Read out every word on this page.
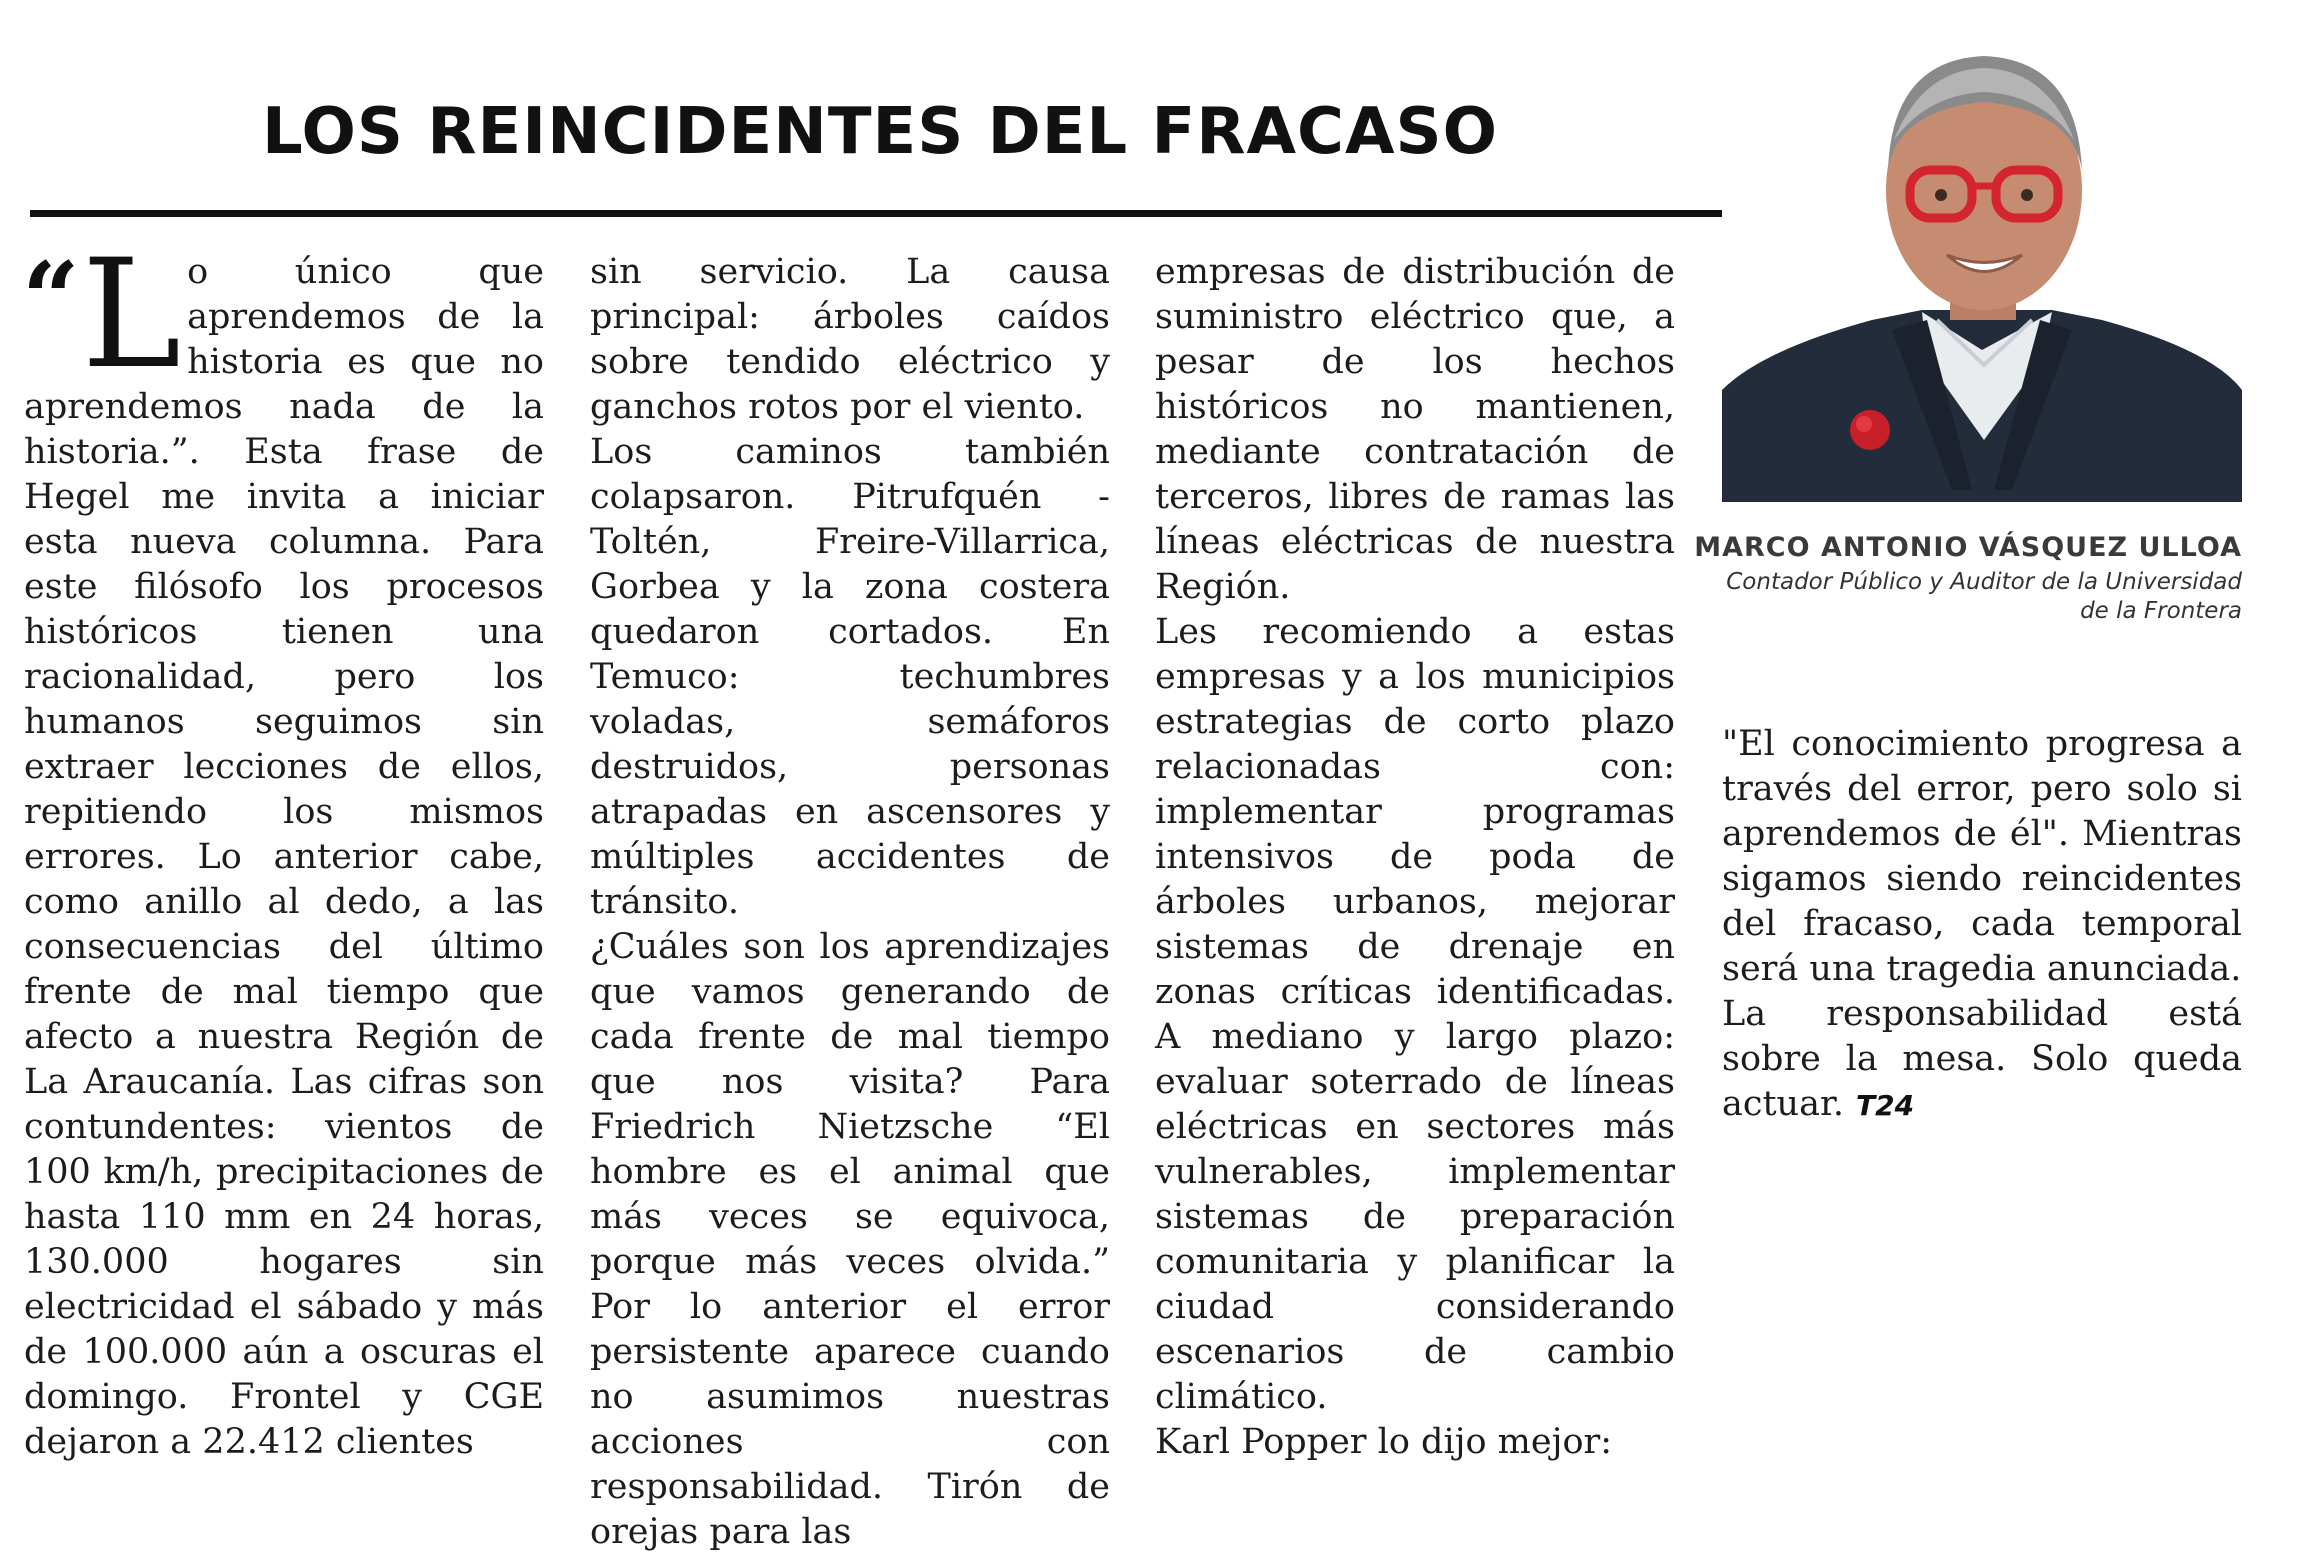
LOS REINCIDENTES DEL FRACASO
“ L o único que aprendemos de la historia es que no aprendemos nada de la historia.”. Esta frase de Hegel me invita a iniciar esta nueva columna. Para este filósofo los procesos históricos tienen una racionalidad, pero los humanos seguimos sin extraer lecciones de ellos, repitiendo los mismos errores. Lo anterior cabe, como anillo al dedo, a las consecuencias del último frente de mal tiempo que afecto a nuestra Región de La Araucanía. Las cifras son contundentes: vientos de 100 km/h, precipitaciones de hasta 110 mm en 24 horas, 130.000 hogares sin electricidad el sábado y más de 100.000 aún a oscuras el domingo. Frontel y CGE dejaron a 22.412 clientes

sin servicio. La causa principal: árboles caídos sobre tendido eléctrico y ganchos rotos por el viento.

Los caminos también colapsaron. Pitrufquén -Toltén, Freire-Villarrica, Gorbea y la zona costera quedaron cortados. En Temuco: techumbres voladas, semáforos destruidos, personas atrapadas en ascensores y múltiples accidentes de tránsito.

¿Cuáles son los aprendizajes que vamos generando de cada frente de mal tiempo que nos visita? Para Friedrich Nietzsche “El hombre es el animal que más veces se equivoca, porque más veces olvida.” Por lo anterior el error persistente aparece cuando no asumimos nuestras acciones con responsabilidad. Tirón de orejas para las

empresas de distribución de suministro eléctrico que, a pesar de los hechos históricos no mantienen, mediante contratación de terceros, libres de ramas las líneas eléctricas de nuestra Región.

Les recomiendo a estas empresas y a los municipios estrategias de corto plazo relacionadas con: implementar programas intensivos de poda de árboles urbanos, mejorar sistemas de drenaje en zonas críticas identificadas. A mediano y largo plazo: evaluar soterrado de líneas eléctricas en sectores más vulnerables, implementar sistemas de preparación comunitaria y planificar la ciudad considerando escenarios de cambio climático.

Karl Popper lo dijo mejor:

MARCO ANTONIO VÁSQUEZ ULLOA

Contador Público y Auditor de la Universidad
de la Frontera

"El conocimiento progresa a través del error, pero solo si aprendemos de él". Mientras sigamos siendo reincidentes del fracaso, cada temporal será una tragedia anunciada.

La responsabilidad está sobre la mesa. Solo queda actuar. T24
